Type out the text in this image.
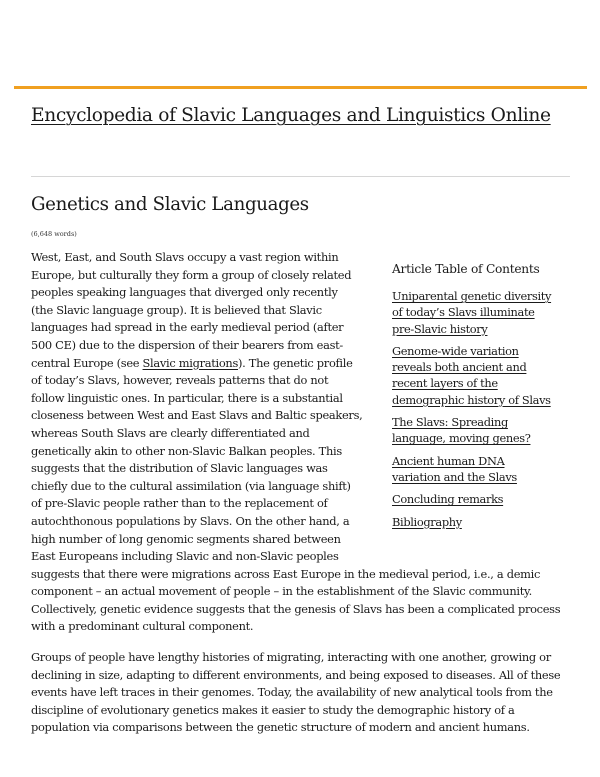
Encyclopedia of Slavic Languages and Linguistics Online
Genetics and Slavic Languages
(6,648 words)
Article Table of Contents
Uniparental genetic diversity
of today’s Slavs illuminate
pre-Slavic history
Genome-wide variation
reveals both ancient and
recent layers of the
demographic history of Slavs
The Slavs: Spreading
language, moving genes?
Ancient human DNA
variation and the Slavs
Concluding remarks
Bibliography

West, East, and South Slavs occupy a vast region within
Europe, but culturally they form a group of closely related
peoples speaking languages that diverged only recently
(the Slavic language group). It is believed that Slavic
languages had spread in the early medieval period (after
500 CE) due to the dispersion of their bearers from east-
central Europe (see Slavic migrations). The genetic profile
of today’s Slavs, however, reveals patterns that do not
follow linguistic ones. In particular, there is a substantial
closeness between West and East Slavs and Baltic speakers,
whereas South Slavs are clearly differentiated and
genetically akin to other non-Slavic Balkan peoples. This
suggests that the distribution of Slavic languages was
chiefly due to the cultural assimilation (via language shift)
of pre-Slavic people rather than to the replacement of
autochthonous populations by Slavs. On the other hand, a
high number of long genomic segments shared between
East Europeans including Slavic and non-Slavic peoples
suggests that there were migrations across East Europe in the medieval period, i.e., a demic
component – an actual movement of people – in the establishment of the Slavic community.
Collectively, genetic evidence suggests that the genesis of Slavs has been a complicated process
with a predominant cultural component.

Groups of people have lengthy histories of migrating, interacting with one another, growing or
declining in size, adapting to different environments, and being exposed to diseases. All of these
events have left traces in their genomes. Today, the availability of new analytical tools from the
discipline of evolutionary genetics makes it easier to study the demographic history of a
population via comparisons between the genetic structure of modern and ancient humans.
